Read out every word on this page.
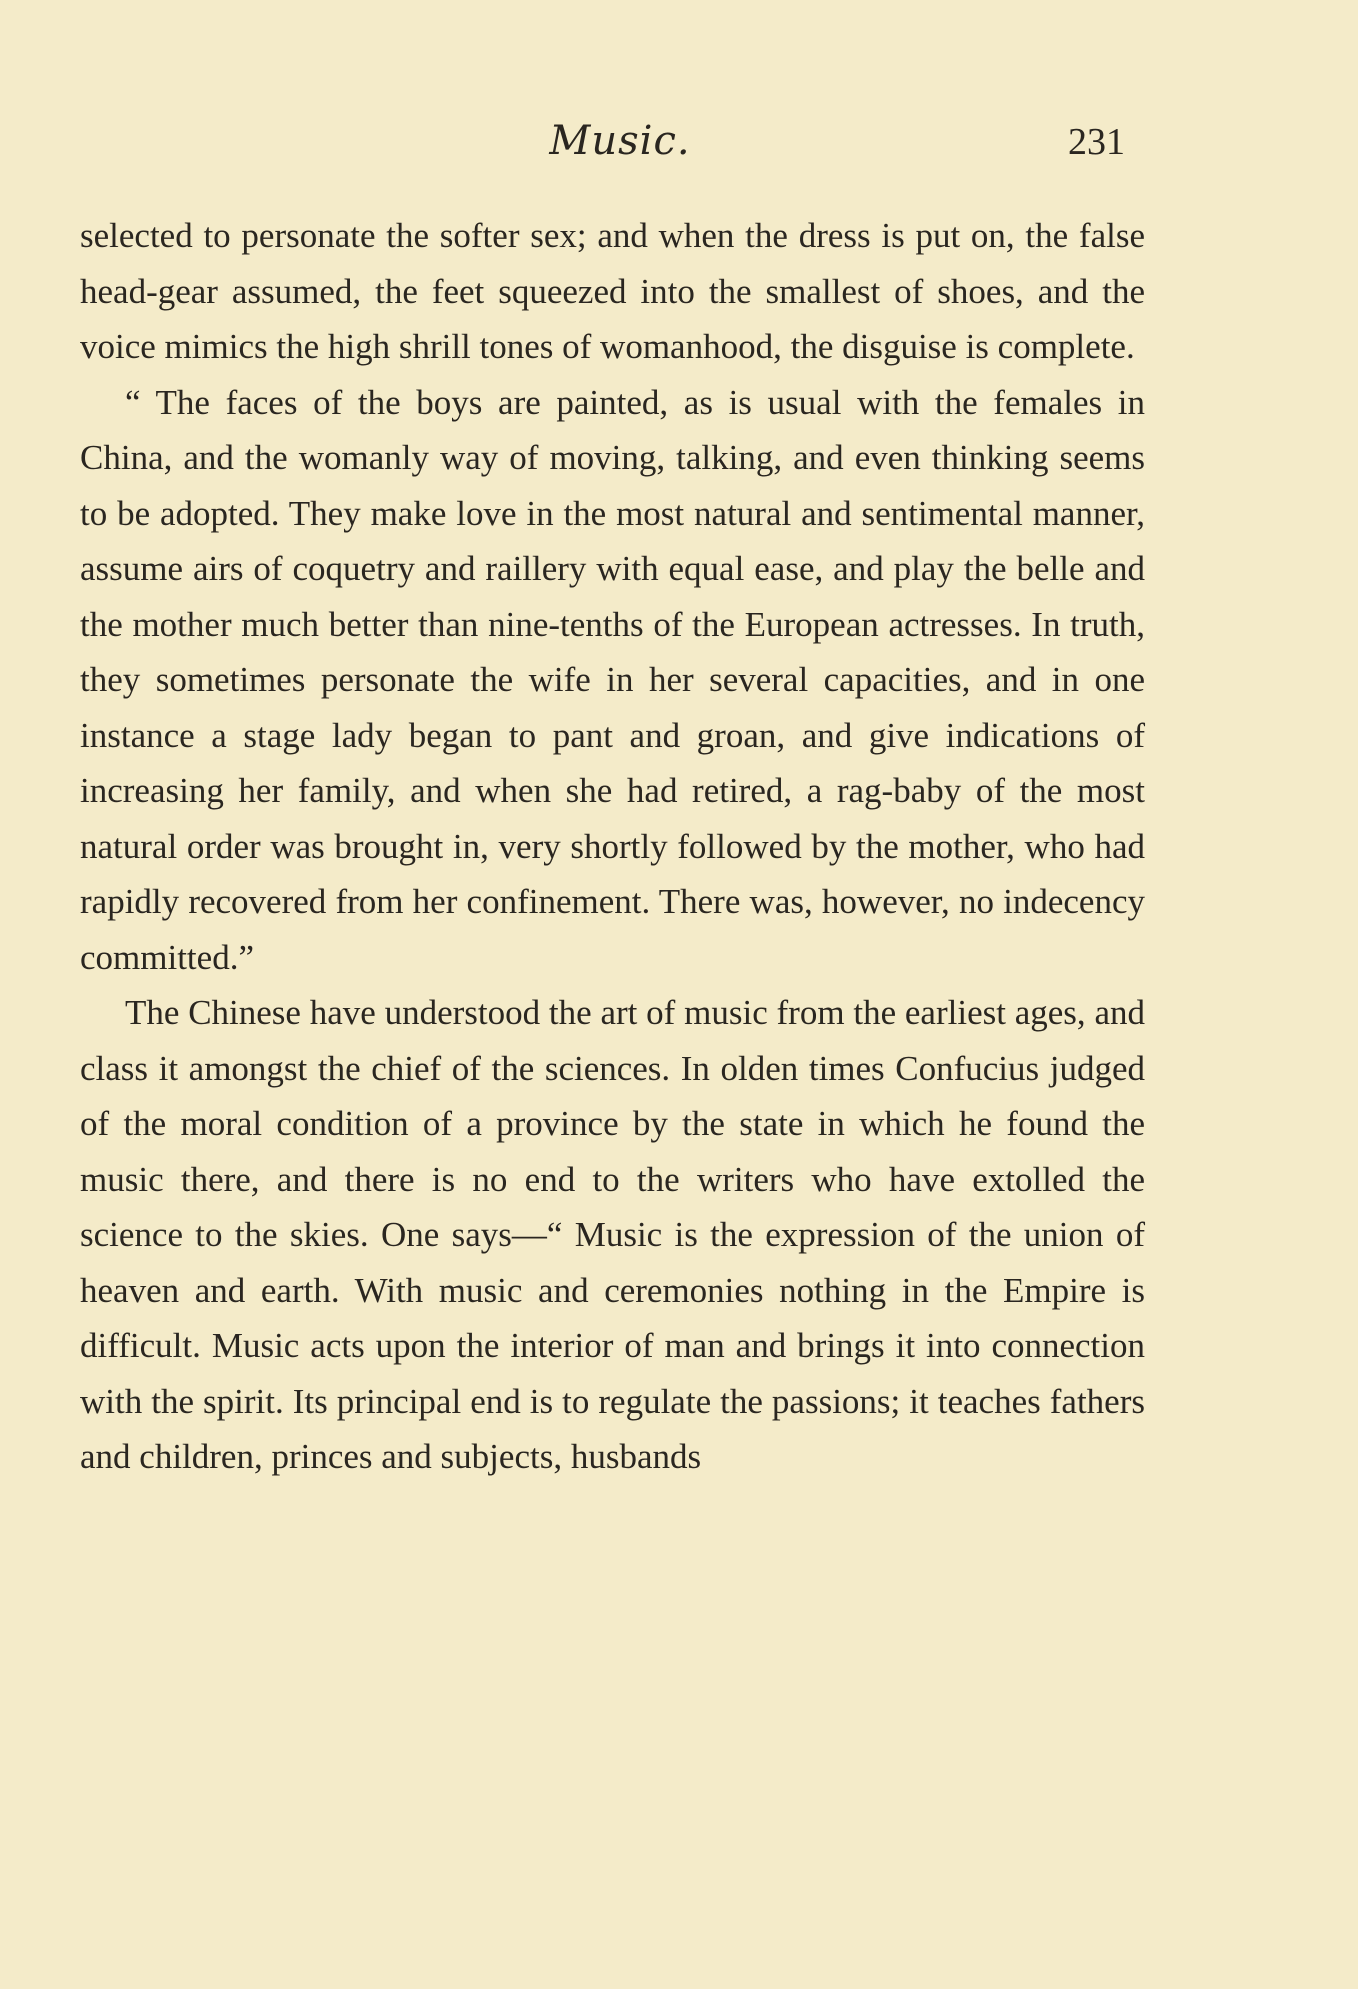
Music.	231

selected to personate the softer sex; and when the dress is put on, the false head-gear assumed, the feet squeezed into the smallest of shoes, and the voice mimics the high shrill tones of womanhood, the disguise is complete.

“ The faces of the boys are painted, as is usual with the females in China, and the womanly way of moving, talking, and even thinking seems to be adopted. They make love in the most natural and sentimental manner, assume airs of coquetry and raillery with equal ease, and play the belle and the mother much better than nine-tenths of the European actresses. In truth, they sometimes personate the wife in her several capacities, and in one instance a stage lady began to pant and groan, and give indications of increasing her family, and when she had retired, a rag-baby of the most natural order was brought in, very shortly followed by the mother, who had rapidly recovered from her confinement. There was, however, no indecency committed.”

The Chinese have understood the art of music from the earliest ages, and class it amongst the chief of the sciences. In olden times Confucius judged of the moral condition of a province by the state in which he found the music there, and there is no end to the writers who have extolled the science to the skies. One says—“ Music is the expression of the union of heaven and earth. With music and ceremonies nothing in the Empire is difficult. Music acts upon the interior of man and brings it into connection with the spirit. Its principal end is to regulate the passions; it teaches fathers and children, princes and subjects, husbands
